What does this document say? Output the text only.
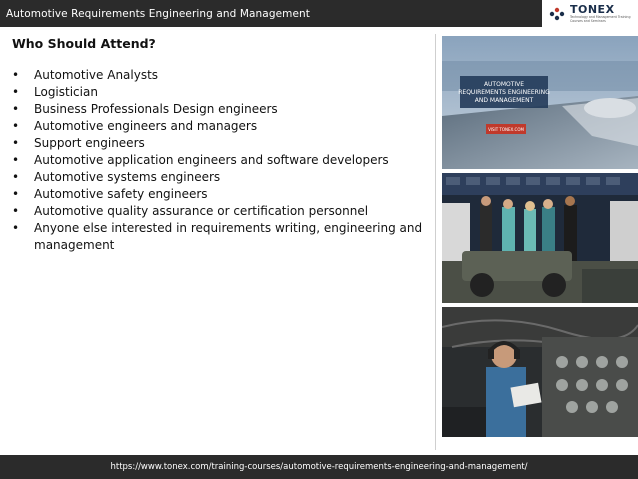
Automotive Requirements Engineering and Management	TONEX
Technology and Management Training Courses and Seminars
Who Should Attend?
• Automotive Analysts
• Logistician
• Business Professionals Design engineers
• Automotive engineers and managers
• Support engineers
• Automotive application engineers and software developers
• Automotive systems engineers
• Automotive safety engineers
• Automotive quality assurance or certification personnel
• Anyone else interested in requirements writing, engineering and management
AUTOMOTIVE
REQUIREMENTS ENGINEERING
AND MANAGEMENT
VISIT TONEX.COM
https://www.tonex.com/training-courses/automotive-requirements-engineering-and-management/
